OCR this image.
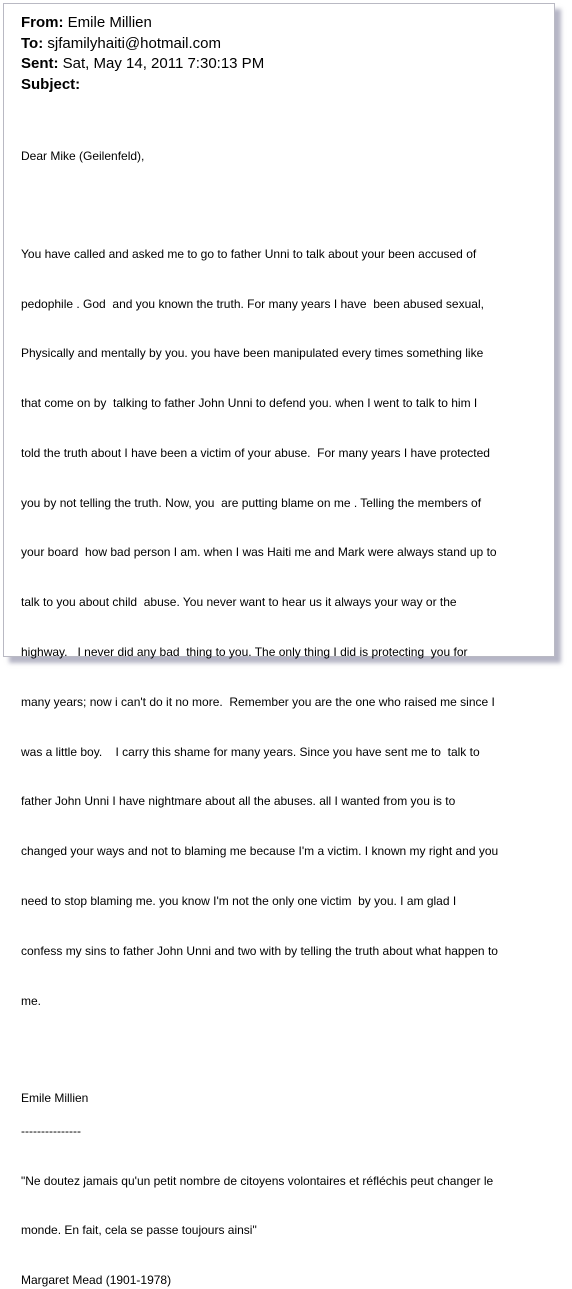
From: Emile Millien
To: sjfamilyhaiti@hotmail.com
Sent: Sat, May 14, 2011 7:30:13 PM
Subject:
Dear Mike (Geilenfeld),

You have called and asked me to go to father Unni to talk about your been accused of

pedophile . God  and you known the truth. For many years I have  been abused sexual,

Physically and mentally by you. you have been manipulated every times something like

that come on by  talking to father John Unni to defend you. when I went to talk to him I

told the truth about I have been a victim of your abuse.  For many years I have protected

you by not telling the truth. Now, you  are putting blame on me . Telling the members of

your board  how bad person I am. when I was Haiti me and Mark were always stand up to

talk to you about child  abuse. You never want to hear us it always your way or the

highway.   I never did any bad  thing to you. The only thing I did is protecting  you for

many years; now i can't do it no more.  Remember you are the one who raised me since I

was a little boy.    I carry this shame for many years. Since you have sent me to  talk to

father John Unni I have nightmare about all the abuses. all I wanted from you is to

changed your ways and not to blaming me because I'm a victim. I known my right and you

need to stop blaming me. you know I'm not the only one victim  by you. I am glad I

confess my sins to father John Unni and two with by telling the truth about what happen to

me.

Emile Millien
---------------

"Ne doutez jamais qu'un petit nombre de citoyens volontaires et réfléchis peut changer le

monde. En fait, cela se passe toujours ainsi"

Margaret Mead (1901-1978)
